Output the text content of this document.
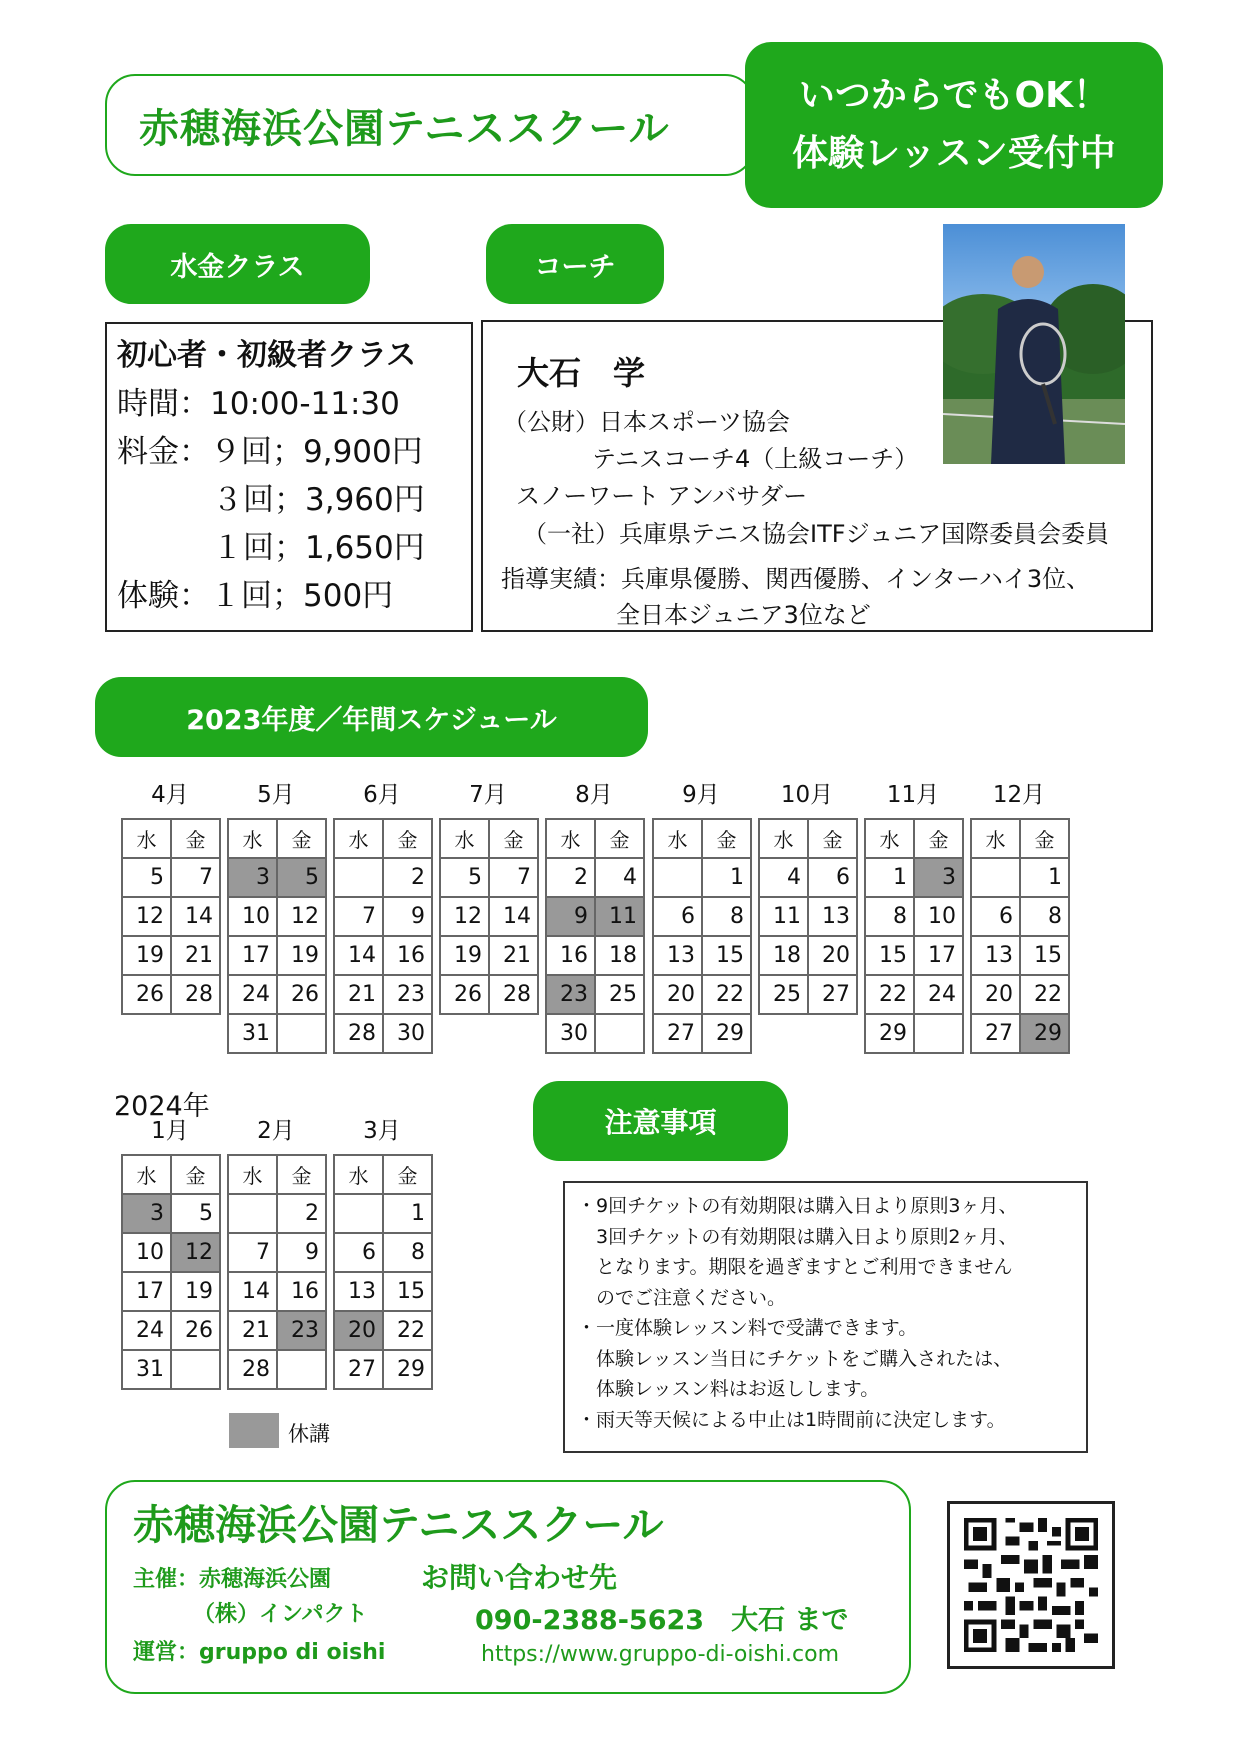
赤穂海浜公園テニススクール
いつからでもOK！
体験レッスン受付中
水金クラス
初心者・初級者クラス
時間： 10:00-11:30
料金： ９回；9,900円
３回；3,960円
１回；1,650円
体験： １回；500円
コーチ
大石　学
（公財）日本スポーツ協会
テニスコーチ4（上級コーチ）
スノーワート アンバサダー
（一社）兵庫県テニス協会ITFジュニア国際委員会委員
指導実績：兵庫県優勝、関西優勝、インターハイ3位、
全日本ジュニア3位など
2023年度／年間スケジュール
4月
水	金
5	7
12	14
19	21
26	28
5月
水	金
3	5
10	12
17	19
24	26
31	
6月
水	金
	2
7	9
14	16
21	23
28	30
7月
水	金
5	7
12	14
19	21
26	28
8月
水	金
2	4
9	11
16	18
23	25
30	
9月
水	金
	1
6	8
13	15
20	22
27	29
10月
水	金
4	6
11	13
18	20
25	27
11月
水	金
1	3
8	10
15	17
22	24
29	
12月
水	金
	1
6	8
13	15
20	22
27	29
1月
水	金
3	5
10	12
17	19
24	26
31	
2月
水	金
	2
7	9
14	16
21	23
28	
3月
水	金
	1
6	8
13	15
20	22
27	29
2024年
休講
注意事項
・9回チケットの有効期限は購入日より原則3ヶ月、
3回チケットの有効期限は購入日より原則2ヶ月、
となります。期限を過ぎますとご利用できません
のでご注意ください。
・一度体験レッスン料で受講できます。
体験レッスン当日にチケットをご購入されたは、
体験レッスン料はお返しします。
・雨天等天候による中止は1時間前に決定します。
赤穂海浜公園テニススクール
主催：赤穂海浜公園
（株）インパクト
運営：gruppo di oishi
お問い合わせ先
090-2388-5623　大石 まで
https://www.gruppo-di-oishi.com
